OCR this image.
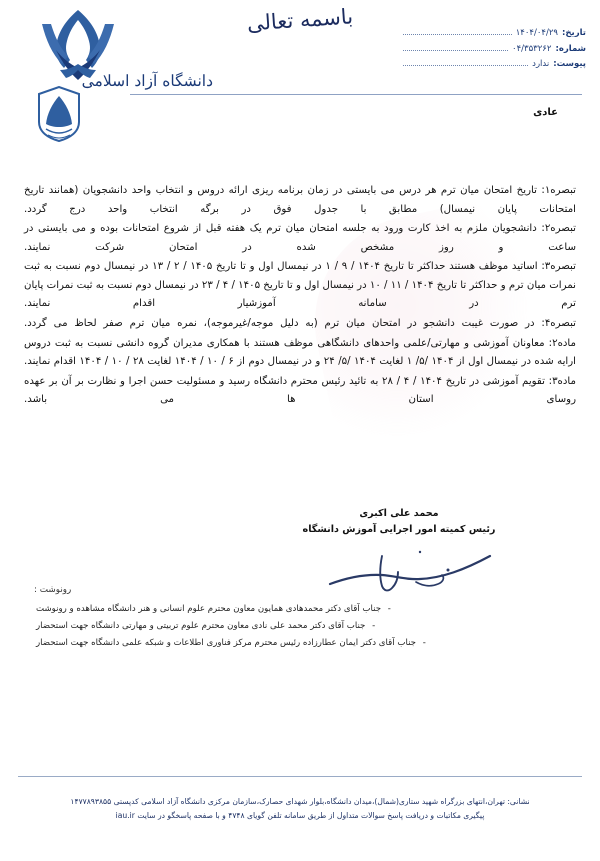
باسمه تعالی	تاریخ:
۱۴۰۴/۰۴/۲۹
شماره:
۰۴/۳۵۳۲۶۲
پیوست:
ندارد
دانشگاه آزاد اسلامی
عادی

تبصره۱: تاریخ امتحان میان ترم هر درس می بایستی در زمان برنامه ریزی ارائه دروس و انتخاب واحد دانشجویان (همانند تاریخ امتحانات پایان نیمسال) مطابق با جدول فوق در برگه انتخاب واحد درج گردد.

تبصره۲: دانشجویان ملزم به اخذ کارت ورود به جلسه امتحان میان ترم یک هفته قبل از شروع امتحانات بوده و می بایستی در ساعت و روز مشخص شده در امتحان شرکت نمایند.

تبصره۳: اساتید موظف هستند حداکثر تا تاریخ ۱۴۰۴ / ۹ / ۱ در نیمسال اول و تا تاریخ ۱۴۰۵ / ۲ / ۱۳ در نیمسال دوم نسبت به ثبت نمرات میان ترم و حداکثر تا تاریخ ۱۴۰۴ / ۱۱ / ۱۰ در نیمسال اول و تا تاریخ ۱۴۰۵ / ۴ / ۲۳ در نیمسال دوم نسبت به ثبت نمرات پایان ترم در سامانه آموزشیار اقدام نمایند.

تبصره۴: در صورت غیبت دانشجو در امتحان میان ترم (به دلیل موجه/غیرموجه)، نمره میان ترم صفر لحاظ می گردد.

ماده۲: معاونان آموزشی و مهارتی/علمی واحدهای دانشگاهی موظف هستند با همکاری مدیران گروه دانشی نسبت به ثبت دروس ارایه شده در نیمسال اول از ۱۴۰۴ /۵/ ۱ لغایت ۱۴۰۴ /۵/ ۲۴ و در نیمسال دوم از ۶ / ۱۰ / ۱۴۰۴ لغایت ۲۸ / ۱۰ / ۱۴۰۴ اقدام نمایند.

ماده۳: تقویم آموزشی در تاریخ ۱۴۰۴ / ۴ / ۲۸ به تائید رئیس محترم دانشگاه رسید و مسئولیت حسن اجرا و نظارت بر آن بر عهده روسای استان ها می باشد.

محمد علی اکبری
رئیس کمیته امور اجرایی آموزش دانشگاه
رونوشت :
- جناب آقای دکتر محمدهادی همایون معاون محترم علوم انسانی و هنر دانشگاه مشاهده و رونوشت
- جناب آقای دکتر محمد علی نادی معاون محترم علوم تربیتی و مهارتی دانشگاه جهت استحضار
- جناب آقای دکتر ایمان عطارزاده رئیس محترم مرکز فناوری اطلاعات و شبکه علمی دانشگاه جهت استحضار
نشانی: تهران،انتهای بزرگراه شهید ستاری(شمال)،میدان دانشگاه،بلوار شهدای حصارک،سازمان مرکزی دانشگاه آزاد اسلامی کدپستی ۱۴۷۷۸۹۳۸۵۵
پیگیری مکاتبات و دریافت پاسخ سوالات متداول از طریق سامانه تلفن گویای ۴۷۴۸ و با صفحه پاسخگو در سایت iau.ir
